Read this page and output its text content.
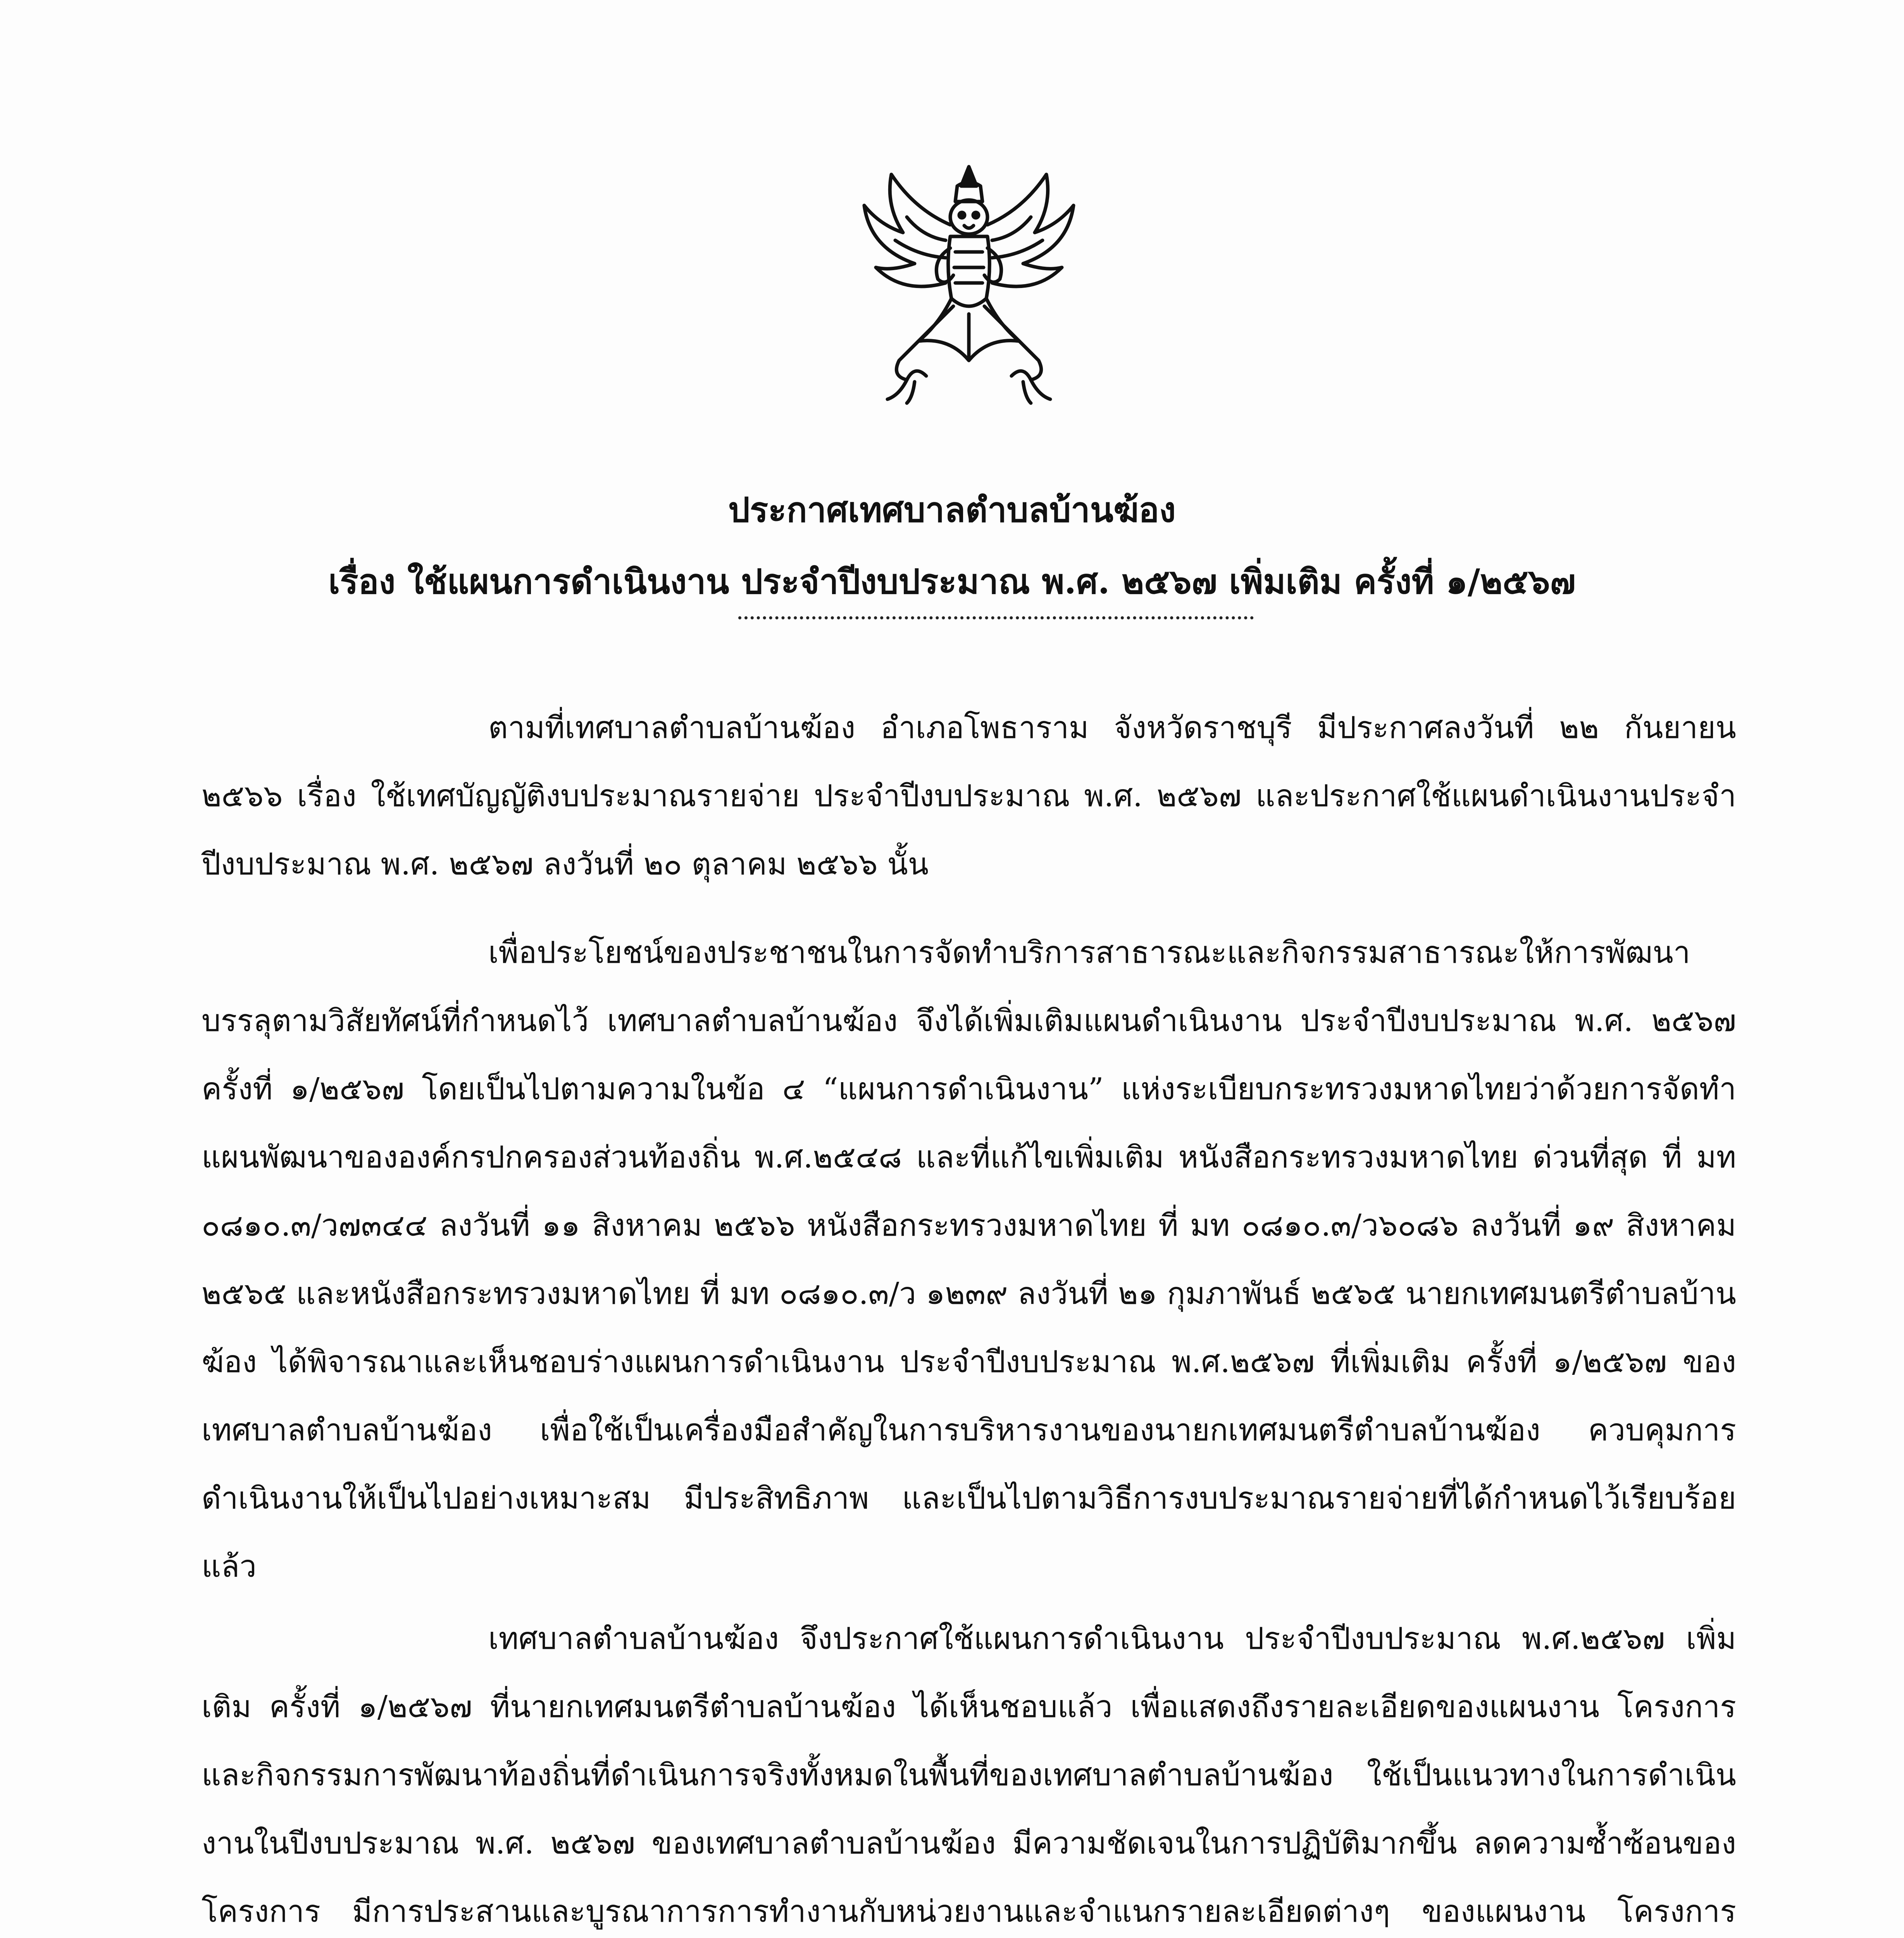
ประกาศเทศบาลตำบลบ้านฆ้อง
เรื่อง ใช้แผนการดำเนินงาน ประจำปีงบประมาณ พ.ศ. ๒๕๖๗ เพิ่มเติม ครั้งที่ ๑/๒๕๖๗

ตามที่เทศบาลตำบลบ้านฆ้อง อำเภอโพธาราม จังหวัดราชบุรี มีประกาศลงวันที่ ๒๒ กันยายน ๒๕๖๖ เรื่อง ใช้เทศบัญญัติงบประมาณรายจ่าย ประจำปีงบประมาณ พ.ศ. ๒๕๖๗ และประกาศใช้แผนดำเนินงานประจำปีงบประมาณ พ.ศ. ๒๕๖๗ ลงวันที่ ๒๐ ตุลาคม ๒๕๖๖ นั้น

เพื่อประโยชน์ของประชาชนในการจัดทำบริการสาธารณะและกิจกรรมสาธารณะให้การพัฒนาบรรลุตามวิสัยทัศน์ที่กำหนดไว้ เทศบาลตำบลบ้านฆ้อง จึงได้เพิ่มเติมแผนดำเนินงาน ประจำปีงบประมาณ พ.ศ. ๒๕๖๗ ครั้งที่ ๑/๒๕๖๗ โดยเป็นไปตามความในข้อ ๔ “แผนการดำเนินงาน” แห่งระเบียบกระทรวงมหาดไทยว่าด้วยการจัดทำแผนพัฒนาขององค์กรปกครองส่วนท้องถิ่น พ.ศ.๒๕๔๘ และที่แก้ไขเพิ่มเติม หนังสือกระทรวงมหาดไทย ด่วนที่สุด ที่ มท ๐๘๑๐.๓/ว๗๓๔๔ ลงวันที่ ๑๑ สิงหาคม ๒๕๖๖ หนังสือกระทรวงมหาดไทย ที่ มท ๐๘๑๐.๓/ว๖๐๘๖ ลงวันที่ ๑๙ สิงหาคม ๒๕๖๕ และหนังสือกระทรวงมหาดไทย ที่ มท ๐๘๑๐.๓/ว ๑๒๓๙ ลงวันที่ ๒๑ กุมภาพันธ์ ๒๕๖๕ นายกเทศมนตรีตำบลบ้านฆ้อง ได้พิจารณาและเห็นชอบร่างแผนการดำเนินงาน ประจำปีงบประมาณ พ.ศ.๒๕๖๗ ที่เพิ่มเติม ครั้งที่ ๑/๒๕๖๗ ของเทศบาลตำบลบ้านฆ้อง เพื่อใช้เป็นเครื่องมือสำคัญในการบริหารงานของนายกเทศมนตรีตำบลบ้านฆ้อง ควบคุมการดำเนินงานให้เป็นไปอย่างเหมาะสม มีประสิทธิภาพ และเป็นไปตามวิธีการงบประมาณรายจ่ายที่ได้กำหนดไว้เรียบร้อยแล้ว

เทศบาลตำบลบ้านฆ้อง จึงประกาศใช้แผนการดำเนินงาน ประจำปีงบประมาณ พ.ศ.๒๕๖๗ เพิ่มเติม ครั้งที่ ๑/๒๕๖๗ ที่นายกเทศมนตรีตำบลบ้านฆ้อง ได้เห็นชอบแล้ว เพื่อแสดงถึงรายละเอียดของแผนงาน โครงการและกิจกรรมการพัฒนาท้องถิ่นที่ดำเนินการจริงทั้งหมดในพื้นที่ของเทศบาลตำบลบ้านฆ้อง ใช้เป็นแนวทางในการดำเนินงานในปีงบประมาณ พ.ศ. ๒๕๖๗ ของเทศบาลตำบลบ้านฆ้อง มีความชัดเจนในการปฏิบัติมากขึ้น ลดความซ้ำซ้อนของโครงการ มีการประสานและบูรณาการการทำงานกับหน่วยงานและจำแนกรายละเอียดต่างๆ ของแผนงาน โครงการ
